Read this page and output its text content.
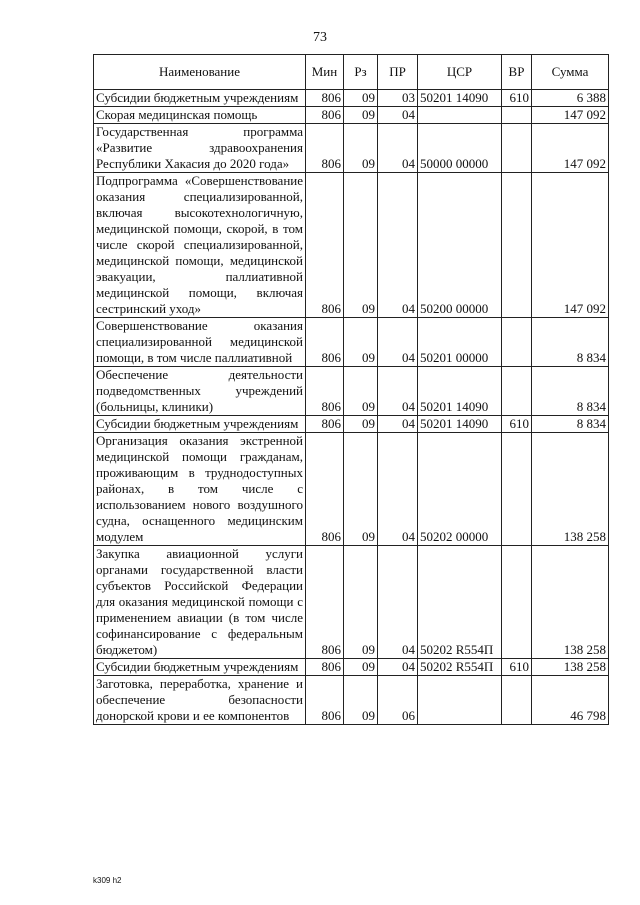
73
Наименование	Мин	Рз	ПР	ЦСР	ВР	Сумма
Субсидии бюджетным учреждениям	806	09	03	50201 14090	610	6 388
Скорая медицинская помощь	806	09	04			147 092
Государственная программа «Развитие здравоохранения Республики Хакасия до 2020 года»	806	09	04	50000 00000		147 092
Подпрограмма «Совершенствование оказания специализированной, включая высокотехнологичную, медицинской помощи, скорой, в том числе скорой специализированной, медицинской помощи, медицинской эвакуации, паллиативной медицинской помощи, включая сестринский уход»	806	09	04	50200 00000		147 092
Совершенствование оказания специализированной медицинской помощи, в том числе паллиативной	806	09	04	50201 00000		8 834
Обеспечение деятельности подведомственных учреждений (больницы, клиники)	806	09	04	50201 14090		8 834
Субсидии бюджетным учреждениям	806	09	04	50201 14090	610	8 834
Организация оказания экстренной медицинской помощи гражданам, проживающим в труднодоступных районах, в том числе с использованием нового воздушного судна, оснащенного медицинским модулем	806	09	04	50202 00000		138 258
Закупка авиационной услуги органами государственной власти субъектов Российской Федерации для оказания медицинской помощи с применением авиации (в том числе софинансирование с федеральным бюджетом)	806	09	04	50202 R554П		138 258
Субсидии бюджетным учреждениям	806	09	04	50202 R554П	610	138 258
Заготовка, переработка, хранение и обеспечение безопасности донорской крови и ее компонентов	806	09	06			46 798
k309 h2
